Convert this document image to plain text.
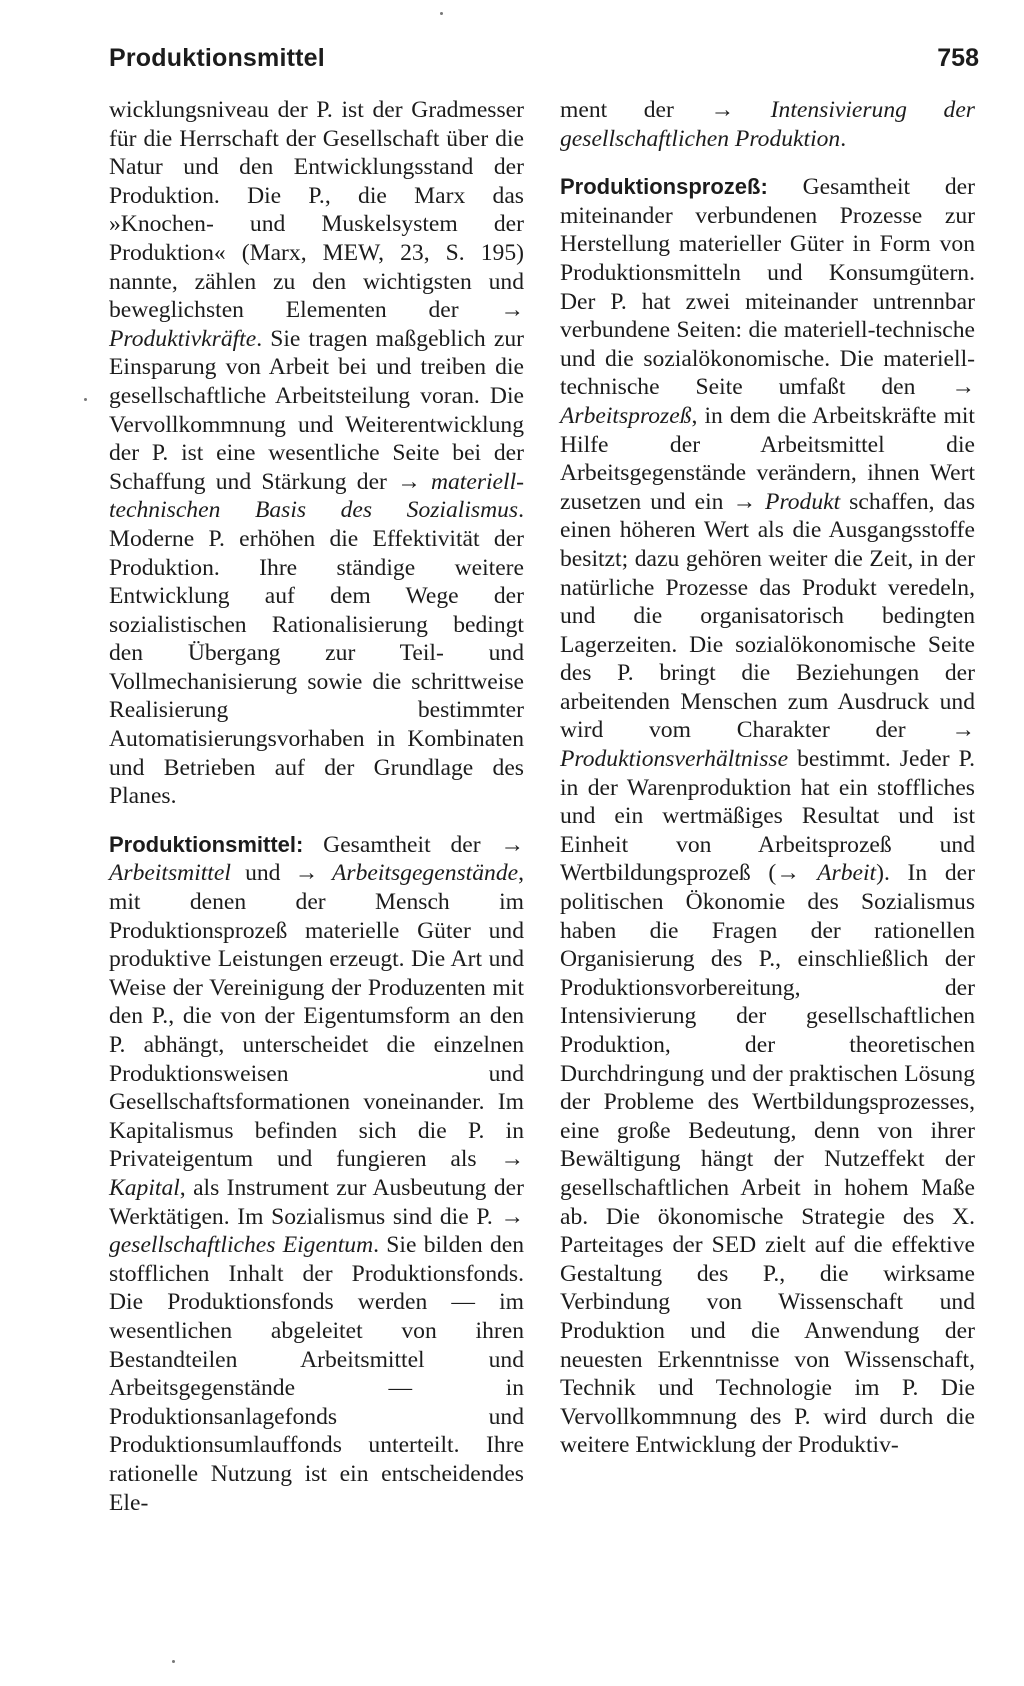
Produktionsmittel	758

wicklungsniveau der P. ist der Gradmesser für die Herrschaft der Gesellschaft über die Natur und den Entwicklungsstand der Produktion. Die P., die Marx das »Knochen- und Muskelsystem der Produktion« (Marx, MEW, 23, S. 195) nannte, zählen zu den wichtigsten und beweglichsten Elementen der → Produktivkräfte. Sie tragen maßgeblich zur Einsparung von Arbeit bei und treiben die gesellschaftliche Arbeitsteilung voran. Die Vervollkommnung und Weiterentwicklung der P. ist eine wesentliche Seite bei der Schaffung und Stärkung der → materiell-technischen Basis des Sozialismus. Moderne P. erhöhen die Effektivität der Produktion. Ihre ständige weitere Entwicklung auf dem Wege der sozialistischen Rationalisierung bedingt den Übergang zur Teil- und Vollmechanisierung sowie die schrittweise Realisierung bestimmter Automatisierungsvorhaben in Kombinaten und Betrieben auf der Grundlage des Planes.

Produktionsmittel: Gesamtheit der → Arbeitsmittel und → Arbeitsgegenstände, mit denen der Mensch im Produktionsprozeß materielle Güter und produktive Leistungen erzeugt. Die Art und Weise der Vereinigung der Produzenten mit den P., die von der Eigentumsform an den P. abhängt, unterscheidet die einzelnen Produktionsweisen und Gesellschaftsformationen voneinander. Im Kapitalismus befinden sich die P. in Privateigentum und fungieren als → Kapital, als Instrument zur Ausbeutung der Werktätigen. Im Sozialismus sind die P. → gesellschaftliches Eigentum. Sie bilden den stofflichen Inhalt der Produktionsfonds. Die Produktionsfonds werden — im wesentlichen abgeleitet von ihren Bestandteilen Arbeitsmittel und Arbeitsgegenstände — in Produktionsanlagefonds und Produktionsumlauffonds unterteilt. Ihre rationelle Nutzung ist ein entscheidendes Ele-

ment der → Intensivierung der gesellschaftlichen Produktion.

Produktionsprozeß: Gesamtheit der miteinander verbundenen Prozesse zur Herstellung materieller Güter in Form von Produktionsmitteln und Konsumgütern. Der P. hat zwei miteinander untrennbar verbundene Seiten: die materiell-technische und die sozialökonomische. Die materiell-technische Seite umfaßt den → Arbeitsprozeß, in dem die Arbeitskräfte mit Hilfe der Arbeitsmittel die Arbeitsgegenstände verändern, ihnen Wert zusetzen und ein → Produkt schaffen, das einen höheren Wert als die Ausgangsstoffe besitzt; dazu gehören weiter die Zeit, in der natürliche Prozesse das Produkt veredeln, und die organisatorisch bedingten Lagerzeiten. Die sozialökonomische Seite des P. bringt die Beziehungen der arbeitenden Menschen zum Ausdruck und wird vom Charakter der → Produktionsverhältnisse bestimmt. Jeder P. in der Warenproduktion hat ein stoffliches und ein wertmäßiges Resultat und ist Einheit von Arbeitsprozeß und Wertbildungsprozeß (→ Arbeit). In der politischen Ökonomie des Sozialismus haben die Fragen der rationellen Organisierung des P., einschließlich der Produktionsvorbereitung, der Intensivierung der gesellschaftlichen Produktion, der theoretischen Durchdringung und der praktischen Lösung der Probleme des Wertbildungsprozesses, eine große Bedeutung, denn von ihrer Bewältigung hängt der Nutzeffekt der gesellschaftlichen Arbeit in hohem Maße ab. Die ökonomische Strategie des X. Parteitages der SED zielt auf die effektive Gestaltung des P., die wirksame Verbindung von Wissenschaft und Produktion und die Anwendung der neuesten Erkenntnisse von Wissenschaft, Technik und Technologie im P. Die Vervollkommnung des P. wird durch die weitere Entwicklung der Produktiv-
